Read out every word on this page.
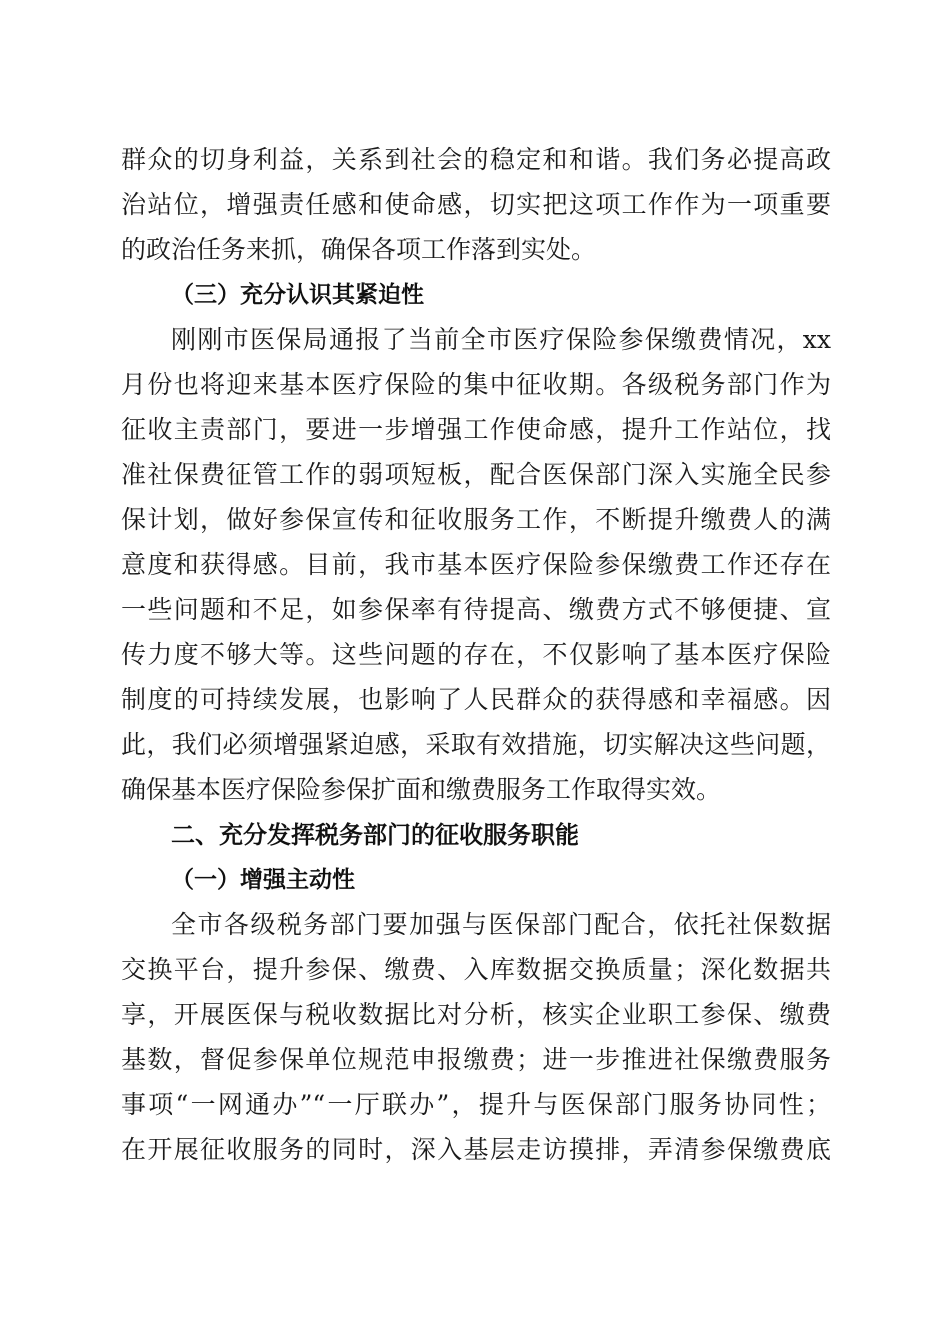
群众的切身利益，关系到社会的稳定和和谐。我们务必提高政
治站位，增强责任感和使命感，切实把这项工作作为一项重要
的政治任务来抓，确保各项工作落到实处。
（三）充分认识其紧迫性
刚刚市医保局通报了当前全市医疗保险参保缴费情况，xx
月份也将迎来基本医疗保险的集中征收期。各级税务部门作为
征收主责部门，要进一步增强工作使命感，提升工作站位，找
准社保费征管工作的弱项短板，配合医保部门深入实施全民参
保计划，做好参保宣传和征收服务工作，不断提升缴费人的满
意度和获得感。目前，我市基本医疗保险参保缴费工作还存在
一些问题和不足，如参保率有待提高、缴费方式不够便捷、宣
传力度不够大等。这些问题的存在，不仅影响了基本医疗保险
制度的可持续发展，也影响了人民群众的获得感和幸福感。因
此，我们必须增强紧迫感，采取有效措施，切实解决这些问题，
确保基本医疗保险参保扩面和缴费服务工作取得实效。
二、充分发挥税务部门的征收服务职能
（一）增强主动性
全市各级税务部门要加强与医保部门配合，依托社保数据
交换平台，提升参保、缴费、入库数据交换质量；深化数据共
享，开展医保与税收数据比对分析，核实企业职工参保、缴费
基数，督促参保单位规范申报缴费；进一步推进社保缴费服务
事项“一网通办”“一厅联办”，提升与医保部门服务协同性；
在开展征收服务的同时，深入基层走访摸排，弄清参保缴费底
